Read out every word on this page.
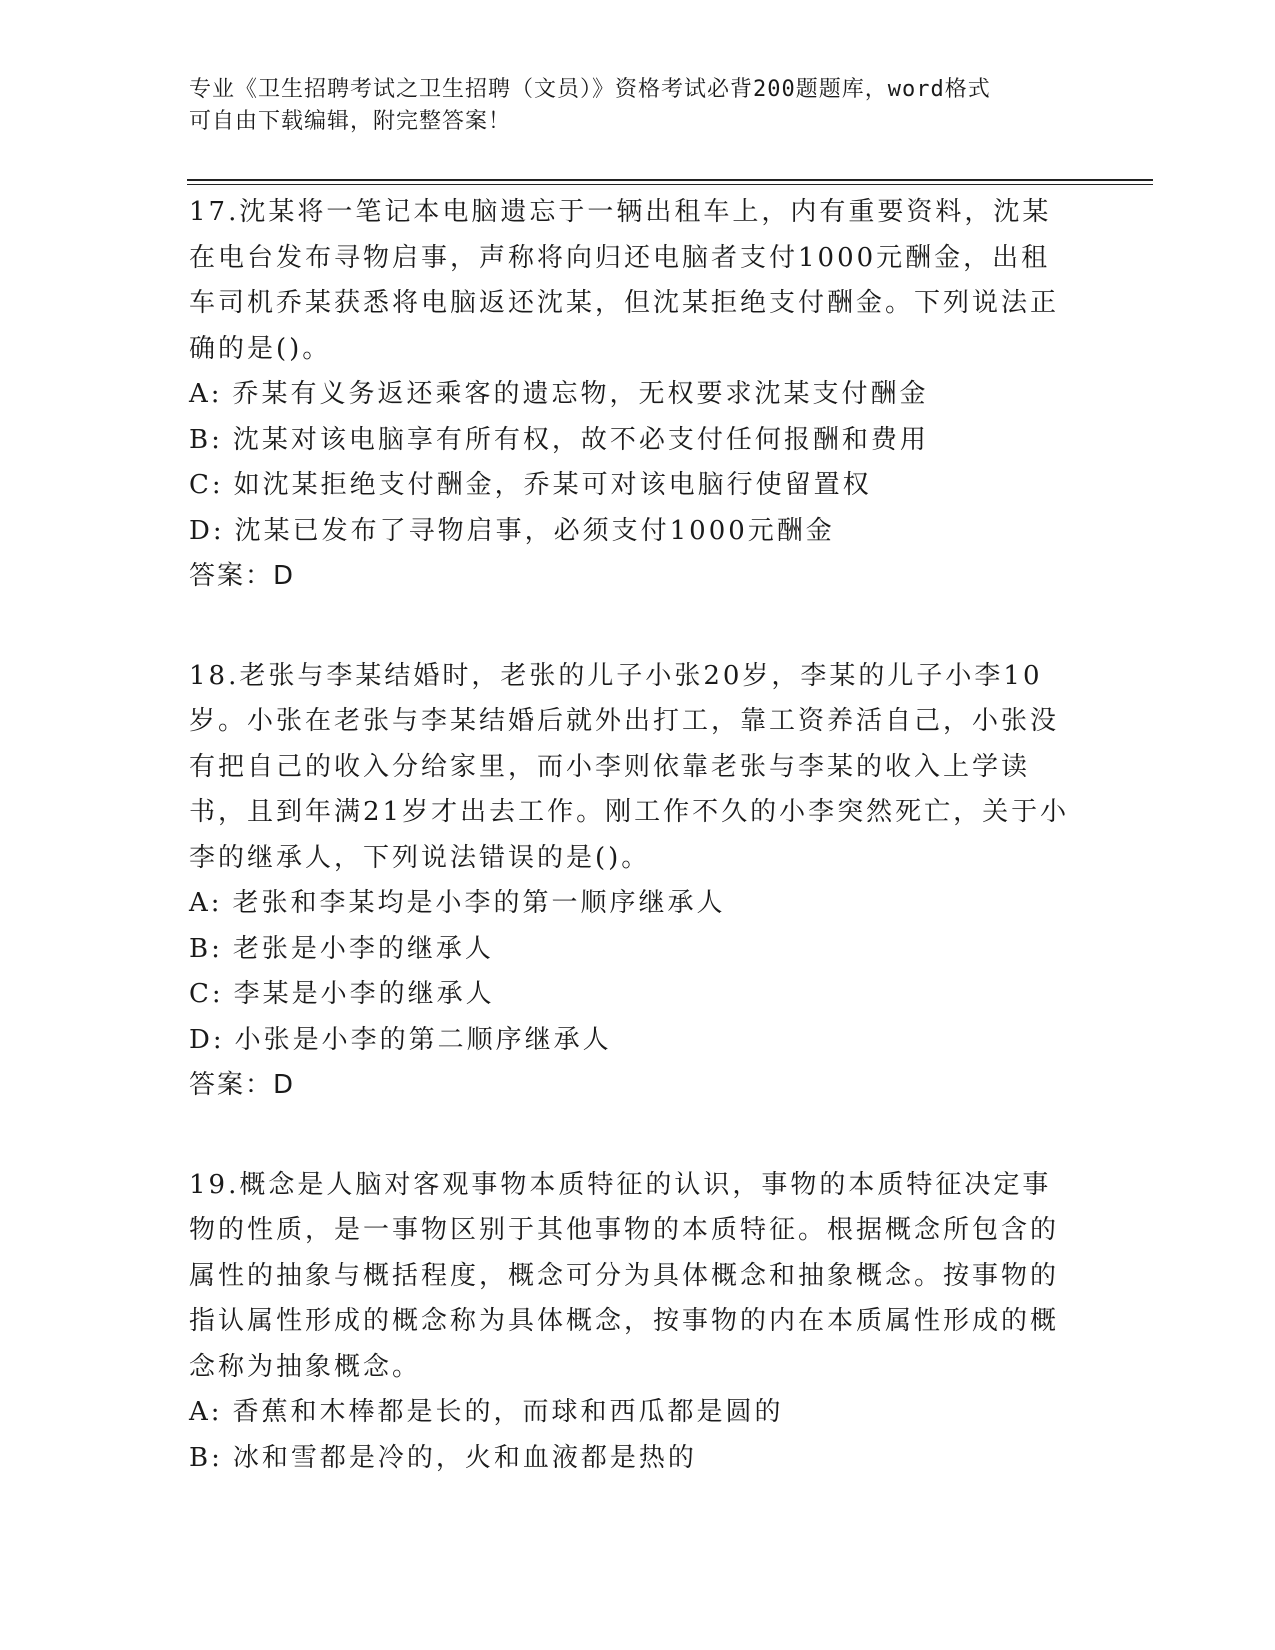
专业《卫生招聘考试之卫生招聘（文员）》资格考试必背200题题库，word格式
可自由下载编辑，附完整答案！

17.沈某将一笔记本电脑遗忘于一辆出租车上，内有重要资料，沈某在电台发布寻物启事，声称将向归还电脑者支付1000元酬金，出租车司机乔某获悉将电脑返还沈某，但沈某拒绝支付酬金。下列说法正确的是()。

A: 乔某有义务返还乘客的遗忘物，无权要求沈某支付酬金

B: 沈某对该电脑享有所有权，故不必支付任何报酬和费用

C: 如沈某拒绝支付酬金，乔某可对该电脑行使留置权

D: 沈某已发布了寻物启事，必须支付1000元酬金

答案：D

18.老张与李某结婚时，老张的儿子小张20岁，李某的儿子小李10岁。小张在老张与李某结婚后就外出打工，靠工资养活自己，小张没有把自己的收入分给家里，而小李则依靠老张与李某的收入上学读书，且到年满21岁才出去工作。刚工作不久的小李突然死亡，关于小李的继承人，下列说法错误的是()。

A: 老张和李某均是小李的第一顺序继承人

B: 老张是小李的继承人

C: 李某是小李的继承人

D: 小张是小李的第二顺序继承人

答案：D

19.概念是人脑对客观事物本质特征的认识，事物的本质特征决定事物的性质，是一事物区别于其他事物的本质特征。根据概念所包含的属性的抽象与概括程度，概念可分为具体概念和抽象概念。按事物的指认属性形成的概念称为具体概念，按事物的内在本质属性形成的概念称为抽象概念。

A: 香蕉和木棒都是长的，而球和西瓜都是圆的

B: 冰和雪都是冷的，火和血液都是热的
